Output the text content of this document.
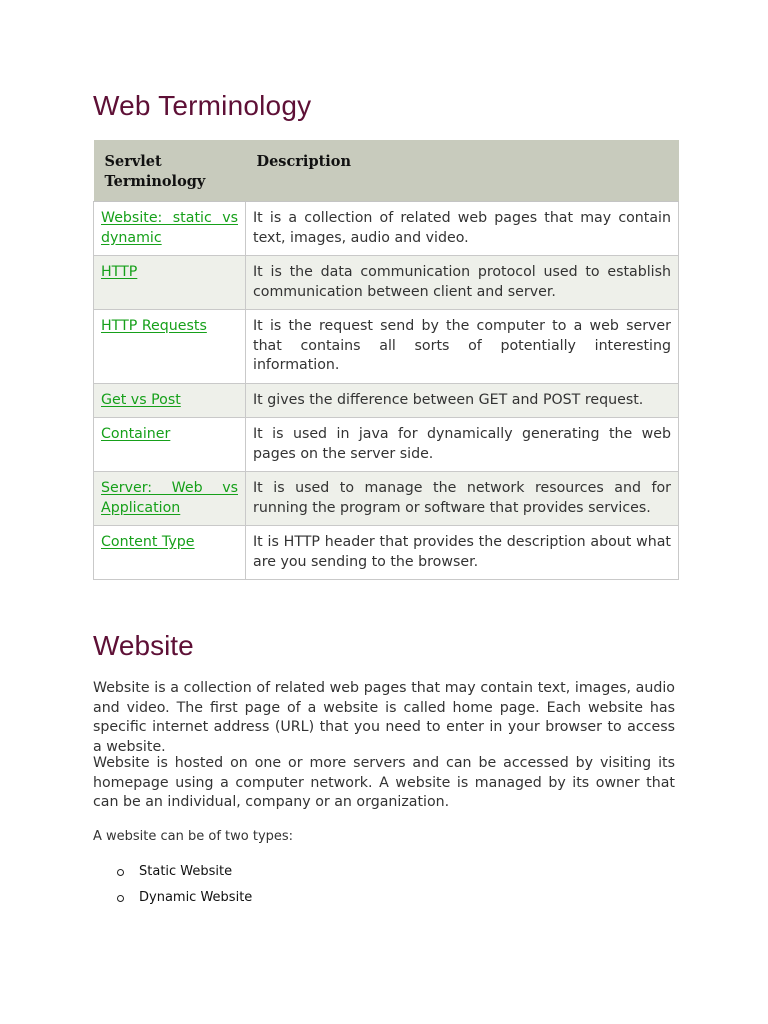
Web Terminology
Servlet Terminology	Description
Website: static vs dynamic	It is a collection of related web pages that may contain text, images, audio and video.
HTTP	It is the data communication protocol used to establish communication between client and server.
HTTP Requests	It is the request send by the computer to a web server that contains all sorts of potentially interesting information.
Get vs Post	It gives the difference between GET and POST request.
Container	It is used in java for dynamically generating the web pages on the server side.
Server: Web vs Application	It is used to manage the network resources and for running the program or software that provides services.
Content Type	It is HTTP header that provides the description about what are you sending to the browser.
Website

Website is a collection of related web pages that may contain text, images, audio and video. The first page of a website is called home page. Each website has specific internet address (URL) that you need to enter in your browser to access a website.

Website is hosted on one or more servers and can be accessed by visiting its homepage using a computer network. A website is managed by its owner that can be an individual, company or an organization.

A website can be of two types:

Static Website
Dynamic Website
